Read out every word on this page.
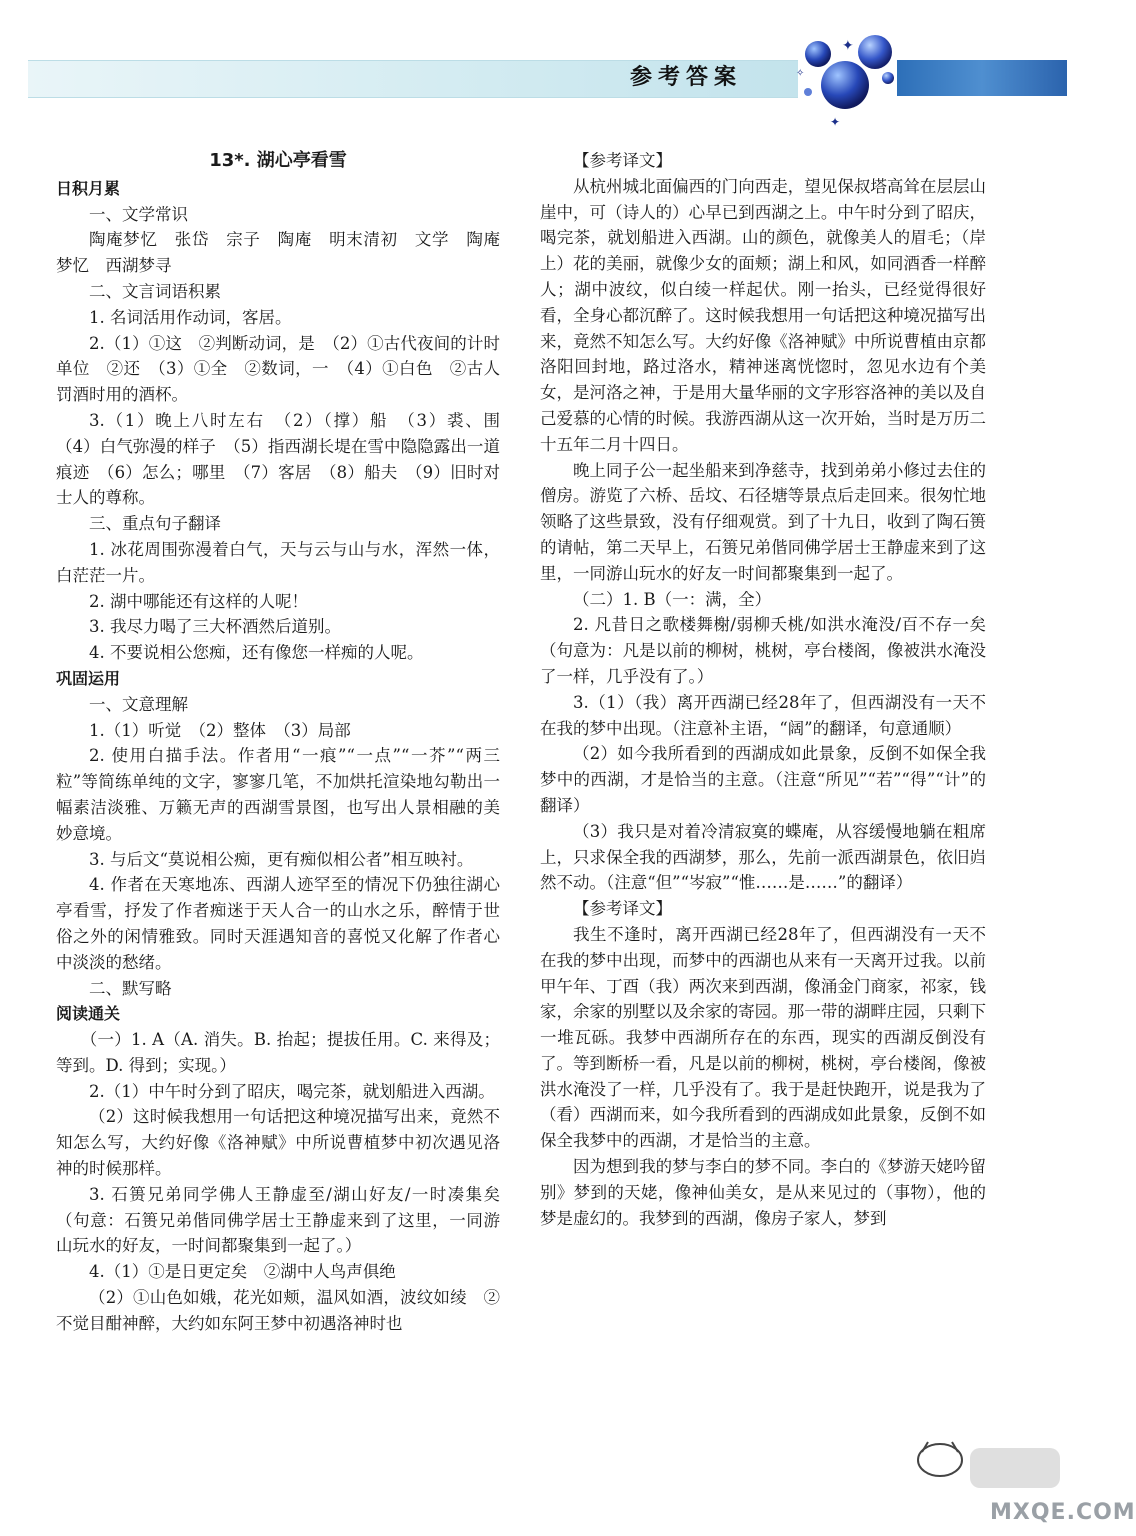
参考答案
✦
✦
✧

13*. 湖心亭看雪

日积月累

一、文学常识

陶庵梦忆　张岱　宗子　陶庵　明末清初　文学　陶庵梦忆　西湖梦寻

二、文言词语积累

1. 名词活用作动词，客居。

2.（1）①这　②判断动词，是　（2）①古代夜间的计时单位　②还　（3）①全　②数词，一　（4）①白色　②古人罚酒时用的酒杯。

3.（1）晚上八时左右　（2）（撑）船　（3）裘、围　（4）白气弥漫的样子　（5）指西湖长堤在雪中隐隐露出一道痕迹　（6）怎么；哪里　（7）客居　（8）船夫　（9）旧时对士人的尊称。

三、重点句子翻译

1. 冰花周围弥漫着白气，天与云与山与水，浑然一体，白茫茫一片。

2. 湖中哪能还有这样的人呢！

3. 我尽力喝了三大杯酒然后道别。

4. 不要说相公您痴，还有像您一样痴的人呢。

巩固运用

一、文意理解

1.（1）听觉　（2）整体　（3）局部

2. 使用白描手法。作者用“一痕”“一点”“一芥”“两三粒”等简练单纯的文字，寥寥几笔，不加烘托渲染地勾勒出一幅素洁淡雅、万籁无声的西湖雪景图，也写出人景相融的美妙意境。

3. 与后文“莫说相公痴，更有痴似相公者”相互映衬。

4. 作者在天寒地冻、西湖人迹罕至的情况下仍独往湖心亭看雪，抒发了作者痴迷于天人合一的山水之乐，醉情于世俗之外的闲情雅致。同时天涯遇知音的喜悦又化解了作者心中淡淡的愁绪。

二、默写略

阅读通关

（一）1. A（A. 消失。B. 抬起；提拔任用。C. 来得及；等到。D. 得到；实现。）

2.（1）中午时分到了昭庆，喝完茶，就划船进入西湖。

（2）这时候我想用一句话把这种境况描写出来，竟然不知怎么写，大约好像《洛神赋》中所说曹植梦中初次遇见洛神的时候那样。

3. 石篑兄弟同学佛人王静虚至/湖山好友/一时凑集矣（句意：石篑兄弟偕同佛学居士王静虚来到了这里，一同游山玩水的好友，一时间都聚集到一起了。）

4.（1）①是日更定矣　②湖中人鸟声俱绝

（2）①山色如娥，花光如颊，温风如酒，波纹如绫　②不觉目酣神醉，大约如东阿王梦中初遇洛神时也

【参考译文】

从杭州城北面偏西的门向西走，望见保叔塔高耸在层层山崖中，可（诗人的）心早已到西湖之上。中午时分到了昭庆，喝完茶，就划船进入西湖。山的颜色，就像美人的眉毛；（岸上）花的美丽，就像少女的面颊；湖上和风，如同酒香一样醉人；湖中波纹，似白绫一样起伏。刚一抬头，已经觉得很好看，全身心都沉醉了。这时候我想用一句话把这种境况描写出来，竟然不知怎么写。大约好像《洛神赋》中所说曹植由京都洛阳回封地，路过洛水，精神迷离恍惚时，忽见水边有个美女，是河洛之神，于是用大量华丽的文字形容洛神的美以及自己爱慕的心情的时候。我游西湖从这一次开始，当时是万历二十五年二月十四日。

晚上同子公一起坐船来到净慈寺，找到弟弟小修过去住的僧房。游览了六桥、岳坟、石径塘等景点后走回来。很匆忙地领略了这些景致，没有仔细观赏。到了十九日，收到了陶石篑的请帖，第二天早上，石篑兄弟偕同佛学居士王静虚来到了这里，一同游山玩水的好友一时间都聚集到一起了。

（二）1. B（一：满，全）

2. 凡昔日之歌楼舞榭/弱柳夭桃/如洪水淹没/百不存一矣（句意为：凡是以前的柳树，桃树，亭台楼阁，像被洪水淹没了一样，几乎没有了。）

3.（1）（我）离开西湖已经28年了，但西湖没有一天不在我的梦中出现。（注意补主语，“阔”的翻译，句意通顺）

（2）如今我所看到的西湖成如此景象，反倒不如保全我梦中的西湖，才是恰当的主意。（注意“所见”“若”“得”“计”的翻译）

（3）我只是对着冷清寂寞的蝶庵，从容缓慢地躺在粗席上，只求保全我的西湖梦，那么，先前一派西湖景色，依旧岿然不动。（注意“但”“岑寂”“惟……是……”的翻译）

【参考译文】

我生不逢时，离开西湖已经28年了，但西湖没有一天不在我的梦中出现，而梦中的西湖也从来有一天离开过我。以前甲午年、丁酉（我）两次来到西湖，像涌金门商家，祁家，钱家，余家的别墅以及余家的寄园。那一带的湖畔庄园，只剩下一堆瓦砾。我梦中西湖所存在的东西，现实的西湖反倒没有了。等到断桥一看，凡是以前的柳树，桃树，亭台楼阁，像被洪水淹没了一样，几乎没有了。我于是赶快跑开，说是我为了（看）西湖而来，如今我所看到的西湖成如此景象，反倒不如保全我梦中的西湖，才是恰当的主意。

因为想到我的梦与李白的梦不同。李白的《梦游天姥吟留别》梦到的天姥，像神仙美女，是从来见过的（事物），他的梦是虚幻的。我梦到的西湖，像房子家人，梦到

MXQE.COM
